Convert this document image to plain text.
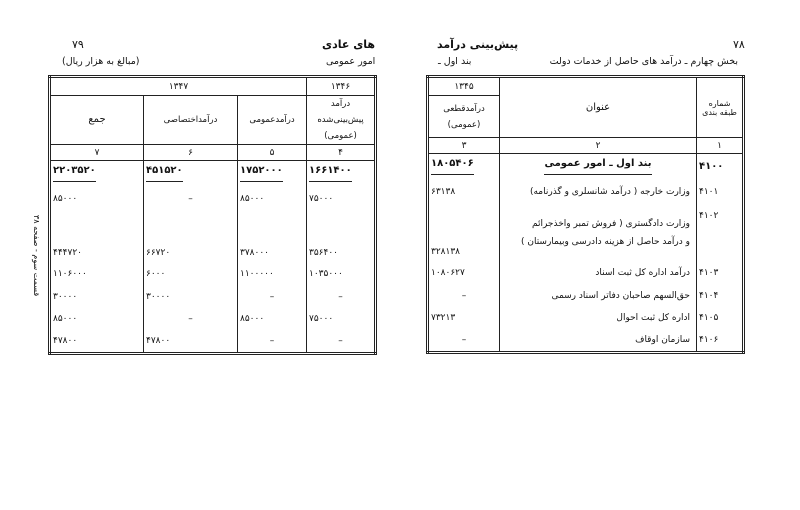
۷۸
پیش‌بینی درآمد
بخش چهارم ـ درآمد های حاصل از خدمات دولت
بند اول ـ
۷۹	های عادی
امور عمومی
(مبالغ به هزار ریال)
قسمت سوم - صفحه ۳۸
شماره طبقه بندی	عنوان	۱۳۴۵
		درآمدقطعی (عمومی)
۱	۲	۳
۴۱۰۰	بند اول ـ امور عمومی	۱۸۰۵۴۰۶
۴۱۰۱	وزارت خارجه ( درآمد شانسلری و گذرنامه)	۶۳۱۳۸
۴۱۰۲	وزارت دادگستری ( فروش تمبر واخذجرائم
و درآمد حاصل از هزینه دادرسی وبیمارستان )	۳۲۸۱۳۸
۴۱۰۳	درآمد اداره کل ثبت اسناد	۱۰۸۰۶۲۷
۴۱۰۴	حق‌السهم صاحبان دفاتر اسناد رسمی	–
۴۱۰۵	اداره کل ثبت احوال	۷۳۲۱۳
۴۱۰۶	سازمان اوقاف	–
۱۳۴۶	۱۳۴۷		
درآمد پیش‌بینی‌شده (عمومی)	درآمدعمومی	درآمداختصاصی	جمع
۴	۵	۶	۷
۱۶۶۱۴۰۰	۱۷۵۲۰۰۰	۴۵۱۵۲۰	۲۲۰۳۵۲۰
۷۵۰۰۰	۸۵۰۰۰	–	۸۵۰۰۰
۳۵۶۴۰۰	۳۷۸۰۰۰	۶۶۷۲۰	۴۴۴۷۲۰
۱۰۳۵۰۰۰	۱۱۰۰۰۰۰	۶۰۰۰	۱۱۰۶۰۰۰
–	–	۳۰۰۰۰	۳۰۰۰۰
۷۵۰۰۰	۸۵۰۰۰	–	۸۵۰۰۰
–	–	۴۷۸۰۰	۴۷۸۰۰
